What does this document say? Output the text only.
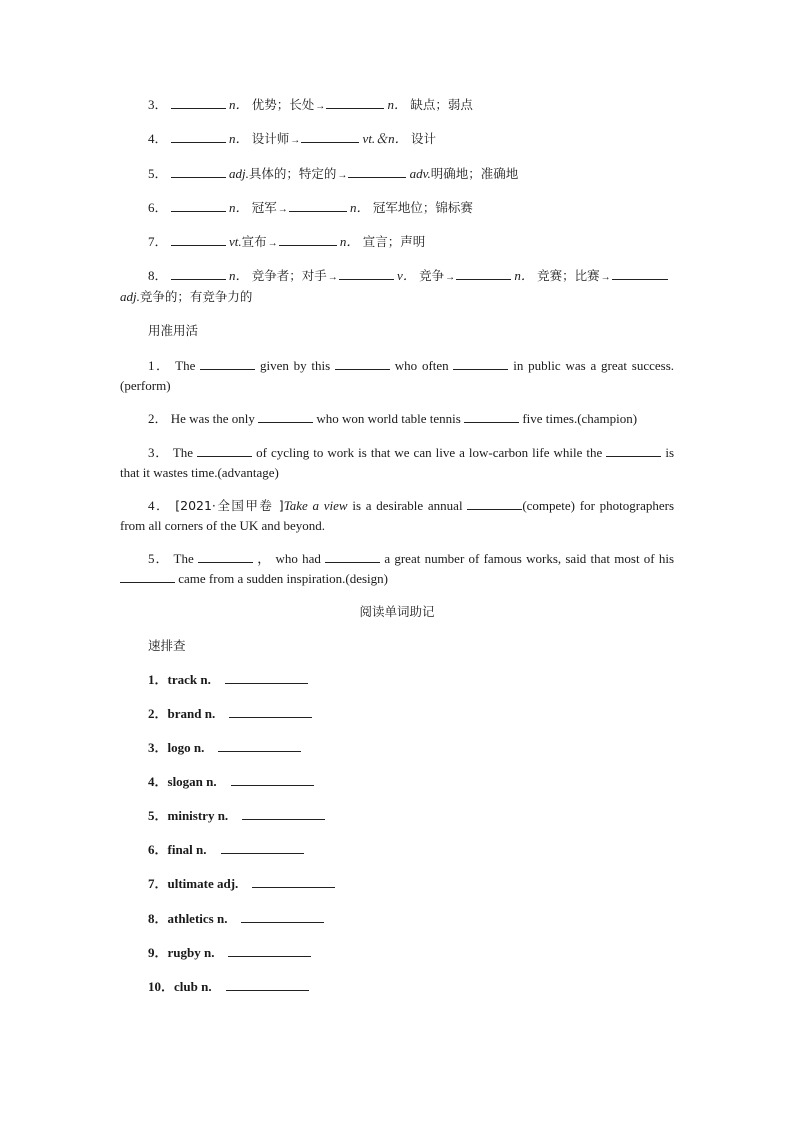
3．	n． 优势；长处→	n． 缺点；弱点
4．	n． 设计师→	vt.＆n． 设计
5．	adj.具体的；特定的→	adv.明确地；准确地
6．	n． 冠军→	n． 冠军地位；锦标赛
7．	vt.宣布→	n． 宣言；声明
8．	n． 竞争者；对手→	v． 竞争→	n． 竞赛；比赛→
adj.竞争的；有竞争力的
用准用活
1． The	given by this	who often	in public was a great success.(perform)
2． He was the only	who won world table tennis	five times.(champion)
3． The	of cycling to work is that we can live a low-carbon life while the	is that it wastes time.(advantage)
4． [2021·全国甲卷 ]Take a view is a desirable annual	(compete) for photographers from all corners of the UK and beyond.
5． The	， who had	a great number of famous works, said that most of his  came from a sudden inspiration.(design)
阅读单词助记
速排查
1．track n.
2．brand n.
3．logo n.
4．slogan n.
5．ministry n.
6．final n.
7．ultimate adj.
8．athletics n.
9．rugby n.
10．club n.
